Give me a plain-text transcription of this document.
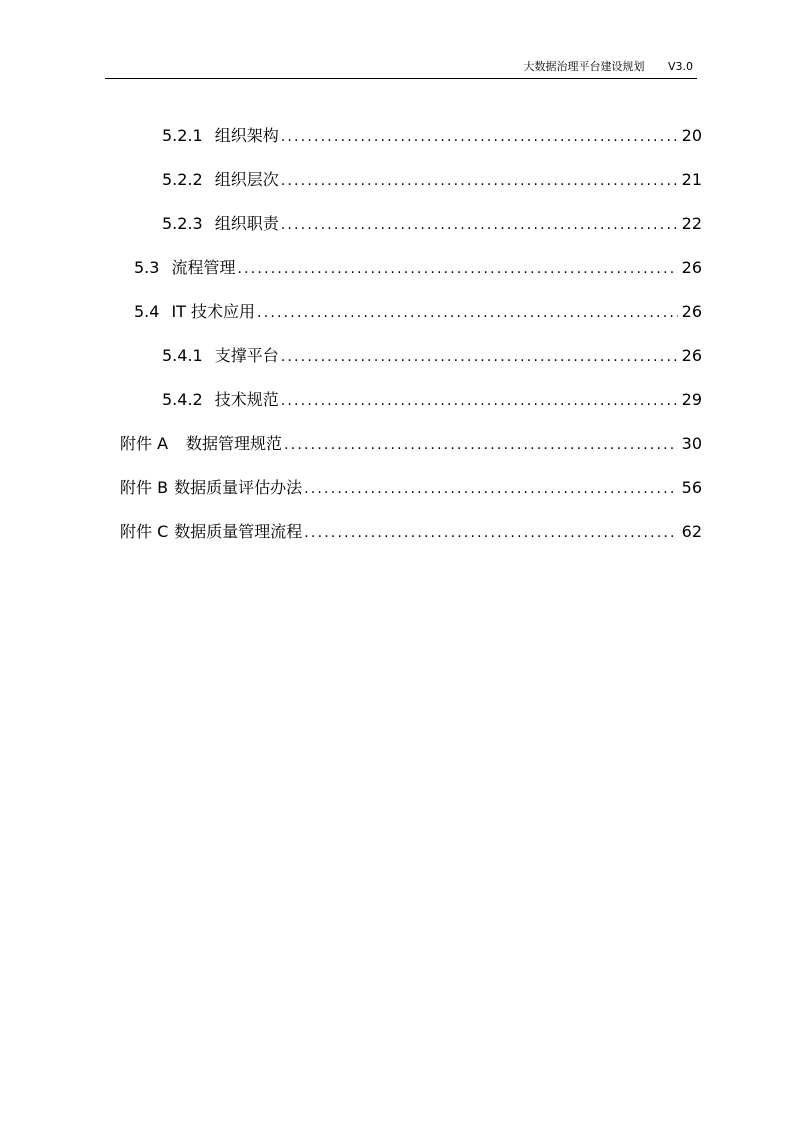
大数据治理平台建设规划 V3.0
5.2.1 组织架构 .....	20
5.2.2 组织层次 .....	21
5.2.3 组织职责 .....	22
5.3 流程管理 .....	26
5.4 IT 技术应用 .....	26
5.4.1 支撑平台 .....	26
5.4.2 技术规范 .....	29
附件 A 数据管理规范 .....	30
附件 B 数据质量评估办法 .....	56
附件 C 数据质量管理流程 .....	62
